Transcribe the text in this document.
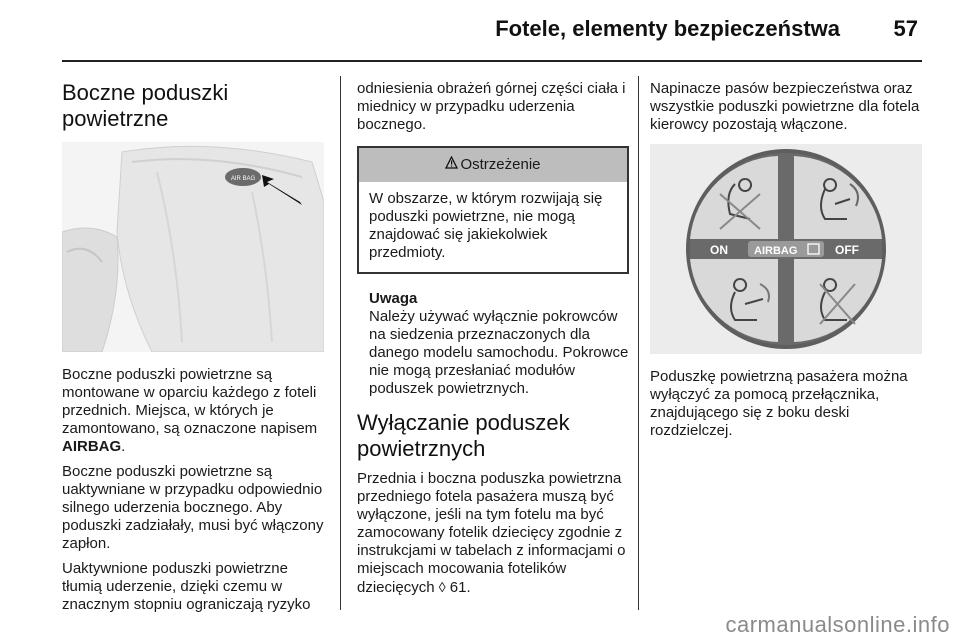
Fotele, elementy bezpieczeństwa 57
Boczne poduszki powietrzne
AIR BAG

Boczne poduszki powietrzne są montowane w oparciu każdego z foteli przednich. Miejsca, w których je zamontowano, są oznaczone napisem AIRBAG.

Boczne poduszki powietrzne są uaktywniane w przypadku odpowiednio silnego uderzenia bocznego. Aby poduszki zadziałały, musi być włączony zapłon.

Uaktywnione poduszki powietrzne tłumią uderzenie, dzięki czemu w znacznym stopniu ograniczają ryzyko

odniesienia obrażeń górnej części ciała i miednicy w przypadku uderzenia bocznego.

Ostrzeżenie
W obszarze, w którym rozwijają się poduszki powietrzne, nie mogą znajdować się jakiekolwiek przedmioty.
Uwaga
Należy używać wyłącznie pokrowców na siedzenia przeznaczonych dla danego modelu samochodu. Pokrowce nie mogą przesłaniać modułów poduszek powietrznych.
Wyłączanie poduszek powietrznych

Przednia i boczna poduszka powietrzna przedniego fotela pasażera muszą być wyłączone, jeśli na tym fotelu ma być zamocowany fotelik dziecięcy zgodnie z instrukcjami w tabelach z informacjami o miejscach mocowania fotelików dziecięcych ◊ 61.

Napinacze pasów bezpieczeństwa oraz wszystkie poduszki powietrzne dla fotela kierowcy pozostają włączone.

ON AIRBAG	OFF

Poduszkę powietrzną pasażera można wyłączyć za pomocą przełącznika, znajdującego się z boku deski rozdzielczej.

carmanualsonline.info
